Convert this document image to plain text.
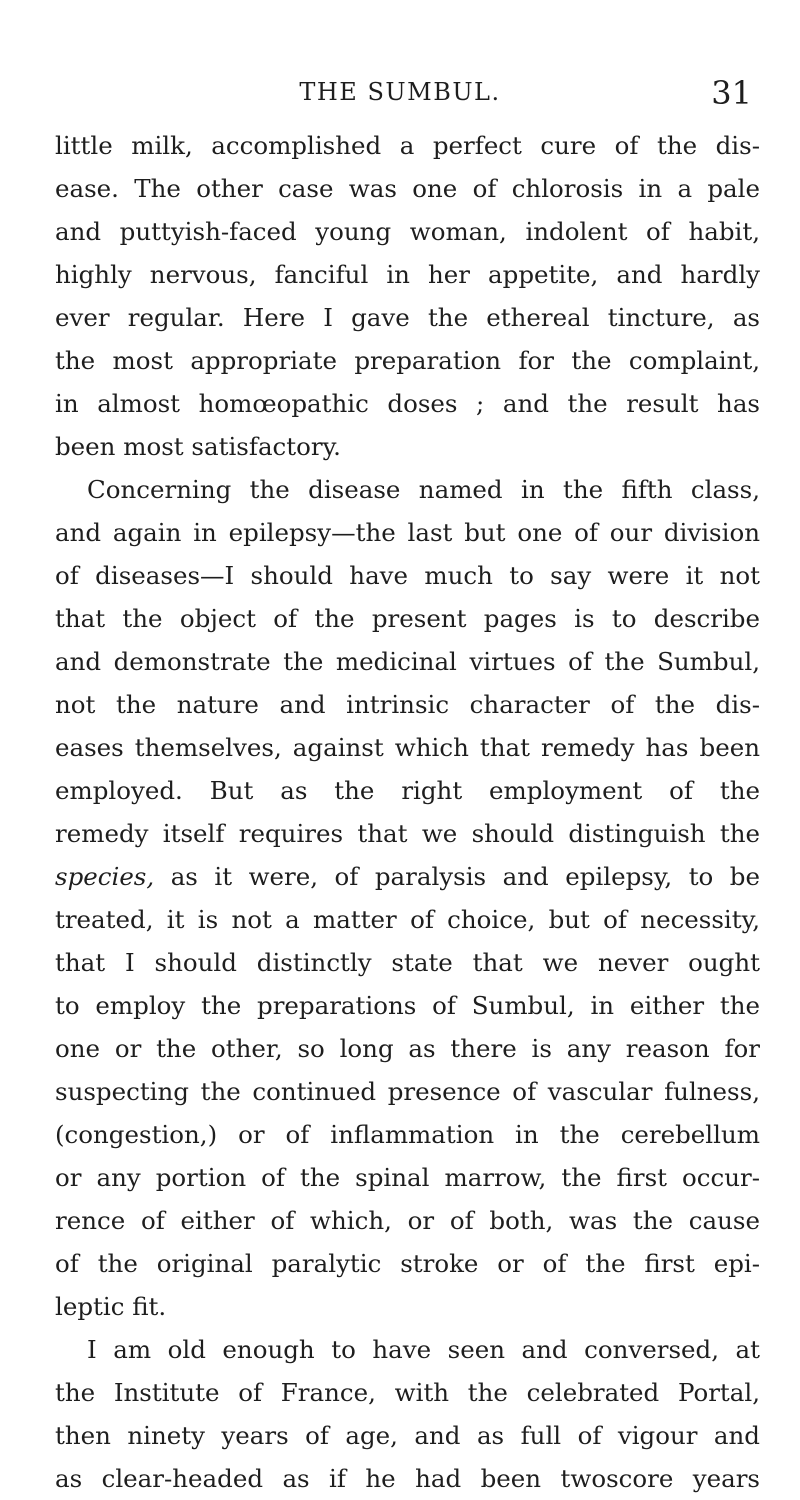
THE SUMBUL.	31
little milk, accomplished a perfect cure of the dis-
ease. The other case was one of chlorosis in a pale
and puttyish-faced young woman, indolent of habit,
highly nervous, fanciful in her appetite, and hardly
ever regular. Here I gave the ethereal tincture, as
the most appropriate preparation for the complaint,
in almost homœopathic doses ; and the result has
been most satisfactory.
Concerning the disease named in the fifth class,
and again in epilepsy—the last but one of our division
of diseases—I should have much to say were it not
that the object of the present pages is to describe
and demonstrate the medicinal virtues of the Sumbul,
not the nature and intrinsic character of the dis-
eases themselves, against which that remedy has been
employed. But as the right employment of the
remedy itself requires that we should distinguish the
species, as it were, of paralysis and epilepsy, to be
treated, it is not a matter of choice, but of necessity,
that I should distinctly state that we never ought
to employ the preparations of Sumbul, in either the
one or the other, so long as there is any reason for
suspecting the continued presence of vascular fulness,
(congestion,) or of inflammation in the cerebellum
or any portion of the spinal marrow, the first occur-
rence of either of which, or of both, was the cause
of the original paralytic stroke or of the first epi-
leptic fit.
I am old enough to have seen and conversed, at
the Institute of France, with the celebrated Portal,
then ninety years of age, and as full of vigour and
as clear-headed as if he had been twoscore years
